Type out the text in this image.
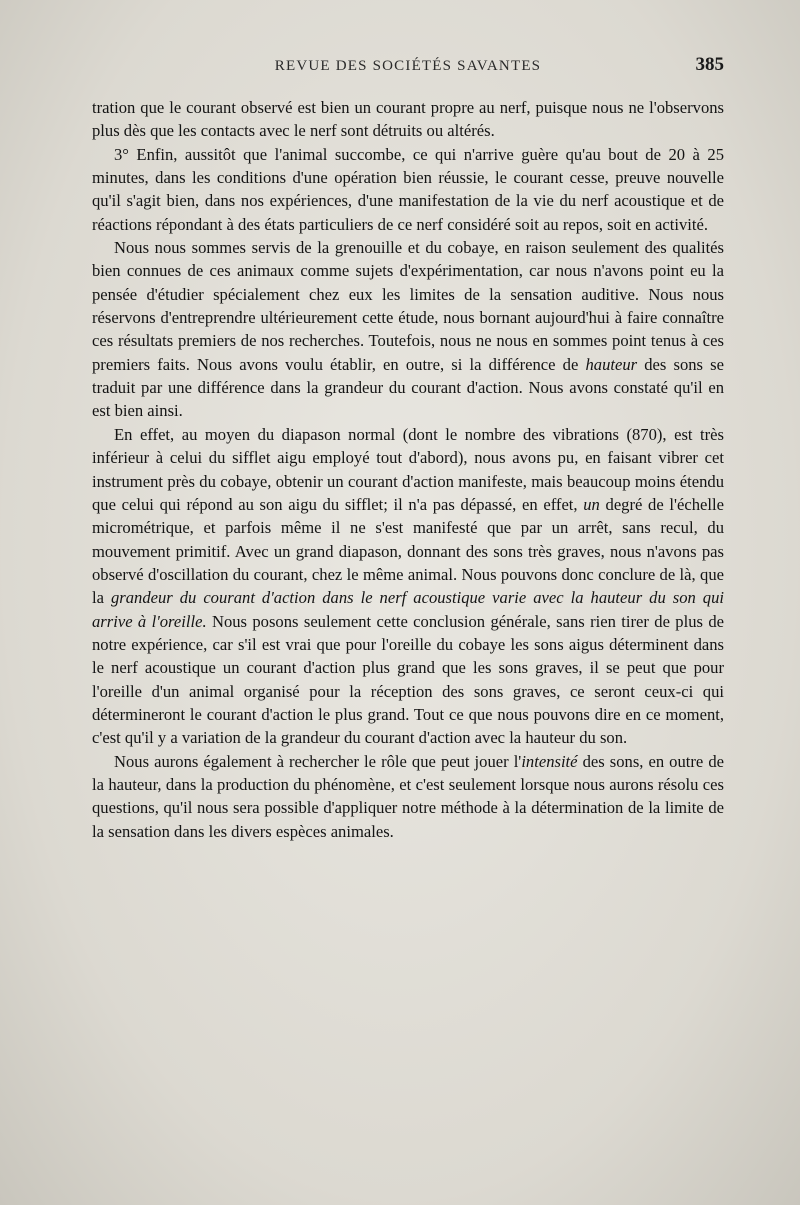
REVUE DES SOCIÉTÉS SAVANTES	385

tration que le courant observé est bien un courant propre au nerf, puisque nous ne l'observons plus dès que les contacts avec le nerf sont détruits ou altérés.

3° Enfin, aussitôt que l'animal succombe, ce qui n'arrive guère qu'au bout de 20 à 25 minutes, dans les conditions d'une opération bien réussie, le courant cesse, preuve nouvelle qu'il s'agit bien, dans nos expériences, d'une manifestation de la vie du nerf acoustique et de réactions répondant à des états particuliers de ce nerf considéré soit au repos, soit en activité.

Nous nous sommes servis de la grenouille et du cobaye, en raison seulement des qualités bien connues de ces animaux comme sujets d'expérimentation, car nous n'avons point eu la pensée d'étudier spécialement chez eux les limites de la sensation auditive. Nous nous réservons d'entreprendre ultérieurement cette étude, nous bornant aujourd'hui à faire connaître ces résultats premiers de nos recherches. Toutefois, nous ne nous en sommes point tenus à ces premiers faits. Nous avons voulu établir, en outre, si la différence de hauteur des sons se traduit par une différence dans la grandeur du courant d'action. Nous avons constaté qu'il en est bien ainsi.

En effet, au moyen du diapason normal (dont le nombre des vibrations (870), est très inférieur à celui du sifflet aigu employé tout d'abord), nous avons pu, en faisant vibrer cet instrument près du cobaye, obtenir un courant d'action manifeste, mais beaucoup moins étendu que celui qui répond au son aigu du sifflet; il n'a pas dépassé, en effet, un degré de l'échelle micrométrique, et parfois même il ne s'est manifesté que par un arrêt, sans recul, du mouvement primitif. Avec un grand diapason, donnant des sons très graves, nous n'avons pas observé d'oscillation du courant, chez le même animal. Nous pouvons donc conclure de là, que la grandeur du courant d'action dans le nerf acoustique varie avec la hauteur du son qui arrive à l'oreille. Nous posons seulement cette conclusion générale, sans rien tirer de plus de notre expérience, car s'il est vrai que pour l'oreille du cobaye les sons aigus déterminent dans le nerf acoustique un courant d'action plus grand que les sons graves, il se peut que pour l'oreille d'un animal organisé pour la réception des sons graves, ce seront ceux-ci qui détermineront le courant d'action le plus grand. Tout ce que nous pouvons dire en ce moment, c'est qu'il y a variation de la grandeur du courant d'action avec la hauteur du son.

Nous aurons également à rechercher le rôle que peut jouer l'intensité des sons, en outre de la hauteur, dans la production du phénomène, et c'est seulement lorsque nous aurons résolu ces questions, qu'il nous sera possible d'appliquer notre méthode à la détermination de la limite de la sensation dans les divers espèces animales.
